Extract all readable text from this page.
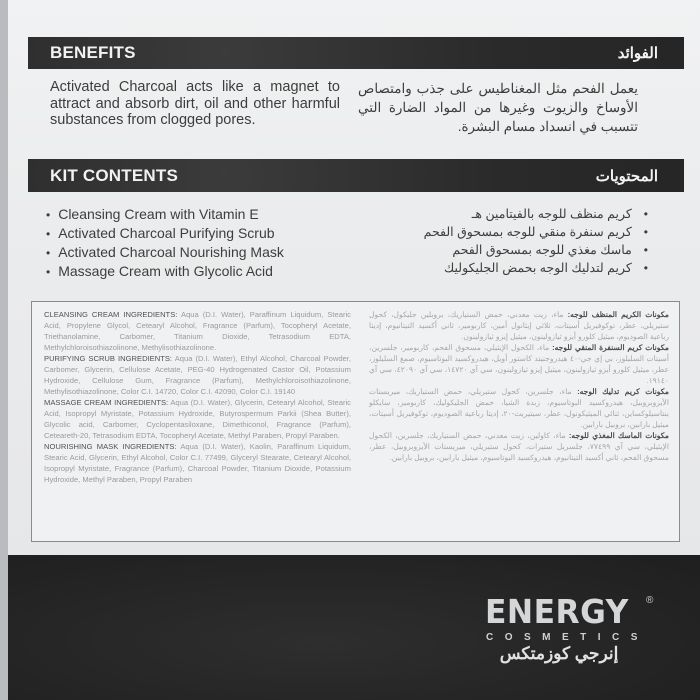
BENEFITS	الفوائد
Activated Charcoal acts like a magnet to attract and absorb dirt, oil and other harmful substances from clogged pores.
يعمل الفحم مثل المغناطيس على جذب وامتصاص الأوساخ والزيوت وغيرها من المواد الضارة التي تتسبب في انسداد مسام البشرة.
KIT CONTENTS	المحتويات
• Cleansing Cream with Vitamin E
• Activated Charcoal Purifying Scrub
• Activated Charcoal Nourishing Mask
• Massage Cream with Glycolic Acid
• كريم منظف للوجه بالفيتامين هـ
• كريم سنفرة منقي للوجه بمسحوق الفحم
• ماسك مغذي للوجه بمسحوق الفحم
• كريم لتدليك الوجه بحمض الجليكوليك
CLEANSING CREAM INGREDIENTS: Aqua (D.I. Water), Paraffinum Liquidum, Stearic Acid, Propylene Glycol, Cetearyl Alcohol, Fragrance (Parfum), Tocopheryl Acetate, Triethanolamine, Carbomer, Titanium Dioxide, Tetrasodium EDTA, Methylchloroisothiazolinone, Methylisothiazolinone.
PURIFYING SCRUB INGREDIENTS: Aqua (D.I. Water), Ethyl Alcohol, Charcoal Powder, Carbomer, Glycerin, Cellulose Acetate, PEG-40 Hydrogenated Castor Oil, Potassium Hydroxide, Cellulose Gum, Fragrance (Parfum), Methylchloroisothiazolinone, Methylisothiazolinone, Color C.I. 14720, Color C.I. 42090, Color C.I. 19140
MASSAGE CREAM INGREDIENTS: Aqua (D.I. Water), Glycerin, Cetearyl Alcohol, Stearic Acid, Isopropyl Myristate, Potassium Hydroxide, Butyrospermum Parkii (Shea Butter), Glycolic acid, Carbomer, Cyclopentasiloxane, Dimethiconol, Fragrance (Parfum), Ceteareth-20, Tetrasodium EDTA, Tocopheryl Acetate, Methyl Paraben, Propyl Paraben.
NOURISHING MASK INGREDIENTS: Aqua (D.I. Water), Kaolin, Paraffinum Liquidum, Stearic Acid, Glycerin, Ethyl Alcohol, Color C.I. 77499, Glyceryl Stearate, Cetearyl Alcohol, Isopropyl Myristate, Fragrance (Parfum), Charcoal Powder, Titanium Dioxide, Potassium Hydroxide, Methyl Paraben, Propyl Paraben
مكونات الكريم المنظف للوجه: ماء، زيت معدني، حمض الستياريك، بروبلين جليكول، كحول ستيريلي، عطر، توكوفيريل أسيتات، ثلاثي إيثانول أمين، كاربومير، ثاني أكسيد التيتانيوم، إديتا رباعية الصوديوم، ميثيل كلورو أيزو ثيازولينون، ميثيل إيزو ثيازولينون.
مكونات كريم السنفرة المنقي للوجه: ماء، الكحول الإيثيلي، مسحوق الفحم، كاربومير، جلسرين، أسيتات السليلوز، بي إي جي-٤٠ هيدروجنيتد كاستور أويل، هيدروكسيد البوتاسيوم، صمغ السليلوز، عطر، ميثيل كلورو أيزو ثيازولينون، ميثيل إيزو ثيازولينون، سي آي ١٤٧٢٠، سي آي ٤٢٠٩٠، سي آي ١٩١٤٠.
مكونات كريم تدليك الوجه: ماء، جلسرين، كحول ستيريلي، حمض الستياريك، ميريستات الأيزوبروبيل، هيدروكسيد البوتاسيوم، زبدة الشيا، حمض الجليكوليك، كاربومير، سايكلو بنتاسيلوكساين، ثنائي الميثيكونول، عطر، سيتيريث-٢٠، إديتا رباعية الصوديوم، توكوفيريل أسيتات، ميثيل بارابين، بروبيل بارابين.
مكونات الماسك المغذي للوجه: ماء، كاولين، زيت معدني، حمض الستياريك، جلسرين، الكحول الإيثيلي، سي آي ٧٧٤٩٩، جلسريل ستيرات، كحول ستيريلي، ميريستات الأيزوبروبيل، عطر، مسحوق الفحم، ثاني أكسيد التيتانيوم، هيدروكسيد البوتاسيوم، ميثيل بارابين، بروبيل بارابين.
ENERGY ®
COSMETICS
إنرجي كوزمتكس
